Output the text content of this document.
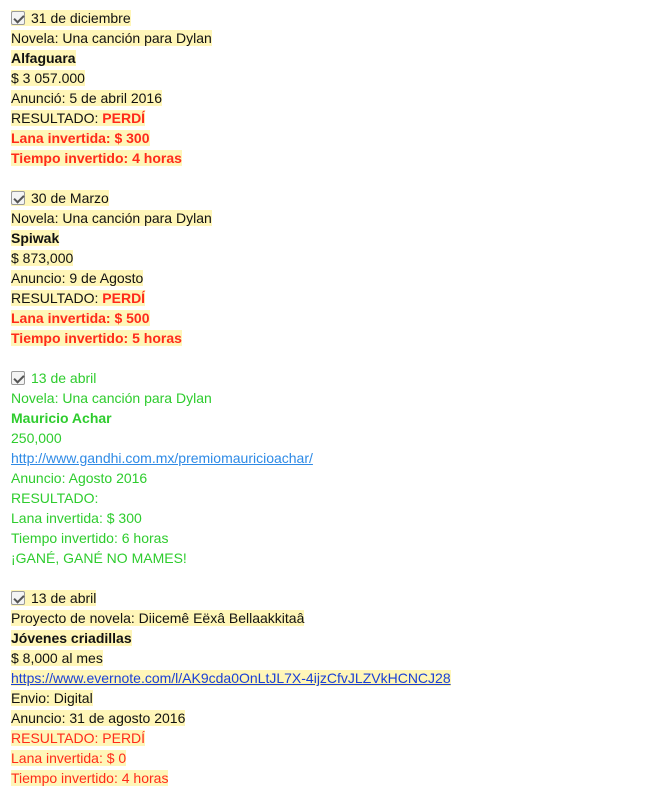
31 de diciembre
Novela: Una canción para Dylan
Alfaguara
$ 3 057.000
Anunció: 5 de abril 2016
RESULTADO: PERDÍ
Lana invertida: $ 300
Tiempo invertido: 4 horas
30 de Marzo
Novela: Una canción para Dylan
Spiwak
$ 873,000
Anuncio: 9 de Agosto
RESULTADO: PERDÍ
Lana invertida: $ 500
Tiempo invertido: 5 horas
13 de abril
Novela: Una canción para Dylan
Mauricio Achar
250,000
http://www.gandhi.com.mx/premiomauricioachar/
Anuncio: Agosto 2016
RESULTADO:
Lana invertida: $ 300
Tiempo invertido: 6 horas
¡GANÉ, GANÉ NO MAMES!
13 de abril
Proyecto de novela: Diicemê Eëxâ Bellaakkitaâ
Jóvenes criadillas
$ 8,000 al mes
https://www.evernote.com/l/AK9cda0OnLtJL7X-4ijzCfvJLZVkHCNCJ28
Envio: Digital
Anuncio: 31 de agosto 2016
RESULTADO: PERDÍ
Lana invertida: $ 0
Tiempo invertido: 4 horas
